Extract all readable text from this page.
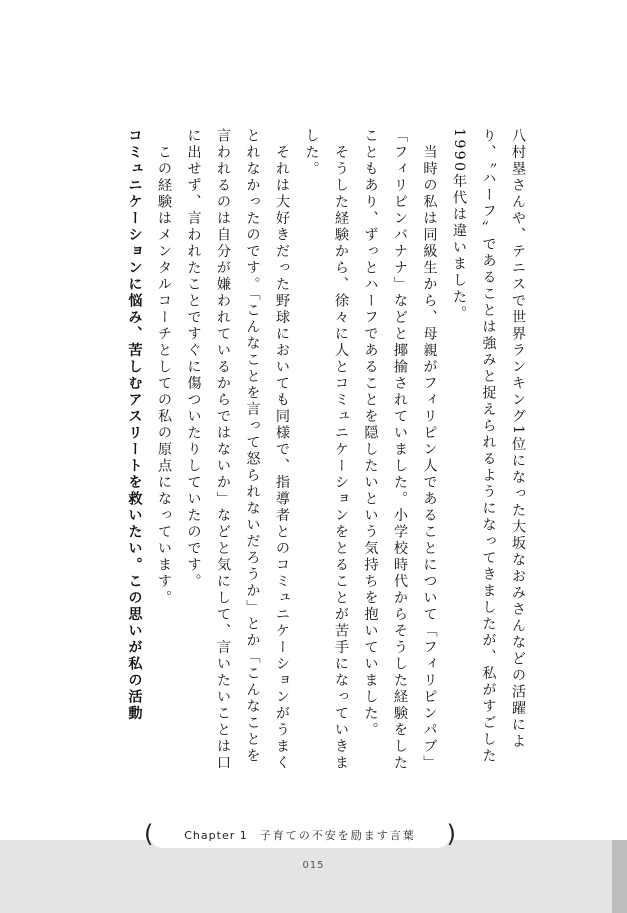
八村塁さんや、テニスで世界ランキング1位になった大坂なおみさんなどの活躍により、〝ハーフ〟であることは強みと捉えられるようになってきましたが、私がすごした1990年代は違いました。

　当時の私は同級生から、母親がフィリピン人であることについて「フィリピンパブ」「フィリピンバナナ」などと揶揄されていました。小学校時代からそうした経験をしたこともあり、ずっとハーフであることを隠したいという気持ちを抱いていました。

　そうした経験から、徐々に人とコミュニケーションをとることが苦手になっていきました。

　それは大好きだった野球においても同様で、指導者とのコミュニケーションがうまくとれなかったのです。「こんなことを言って怒られないだろうか」とか「こんなことを言われるのは自分が嫌われているからではないか」などと気にして、言いたいことは口に出せず、言われたことですぐに傷ついたりしていたのです。

　この経験はメンタルコーチとしての私の原点になっています。

コミュニケーションに悩み、苦しむアスリートを救いたい。この思いが私の活動

(	Chapter 1 子育ての不安を励ます言葉 )
015
